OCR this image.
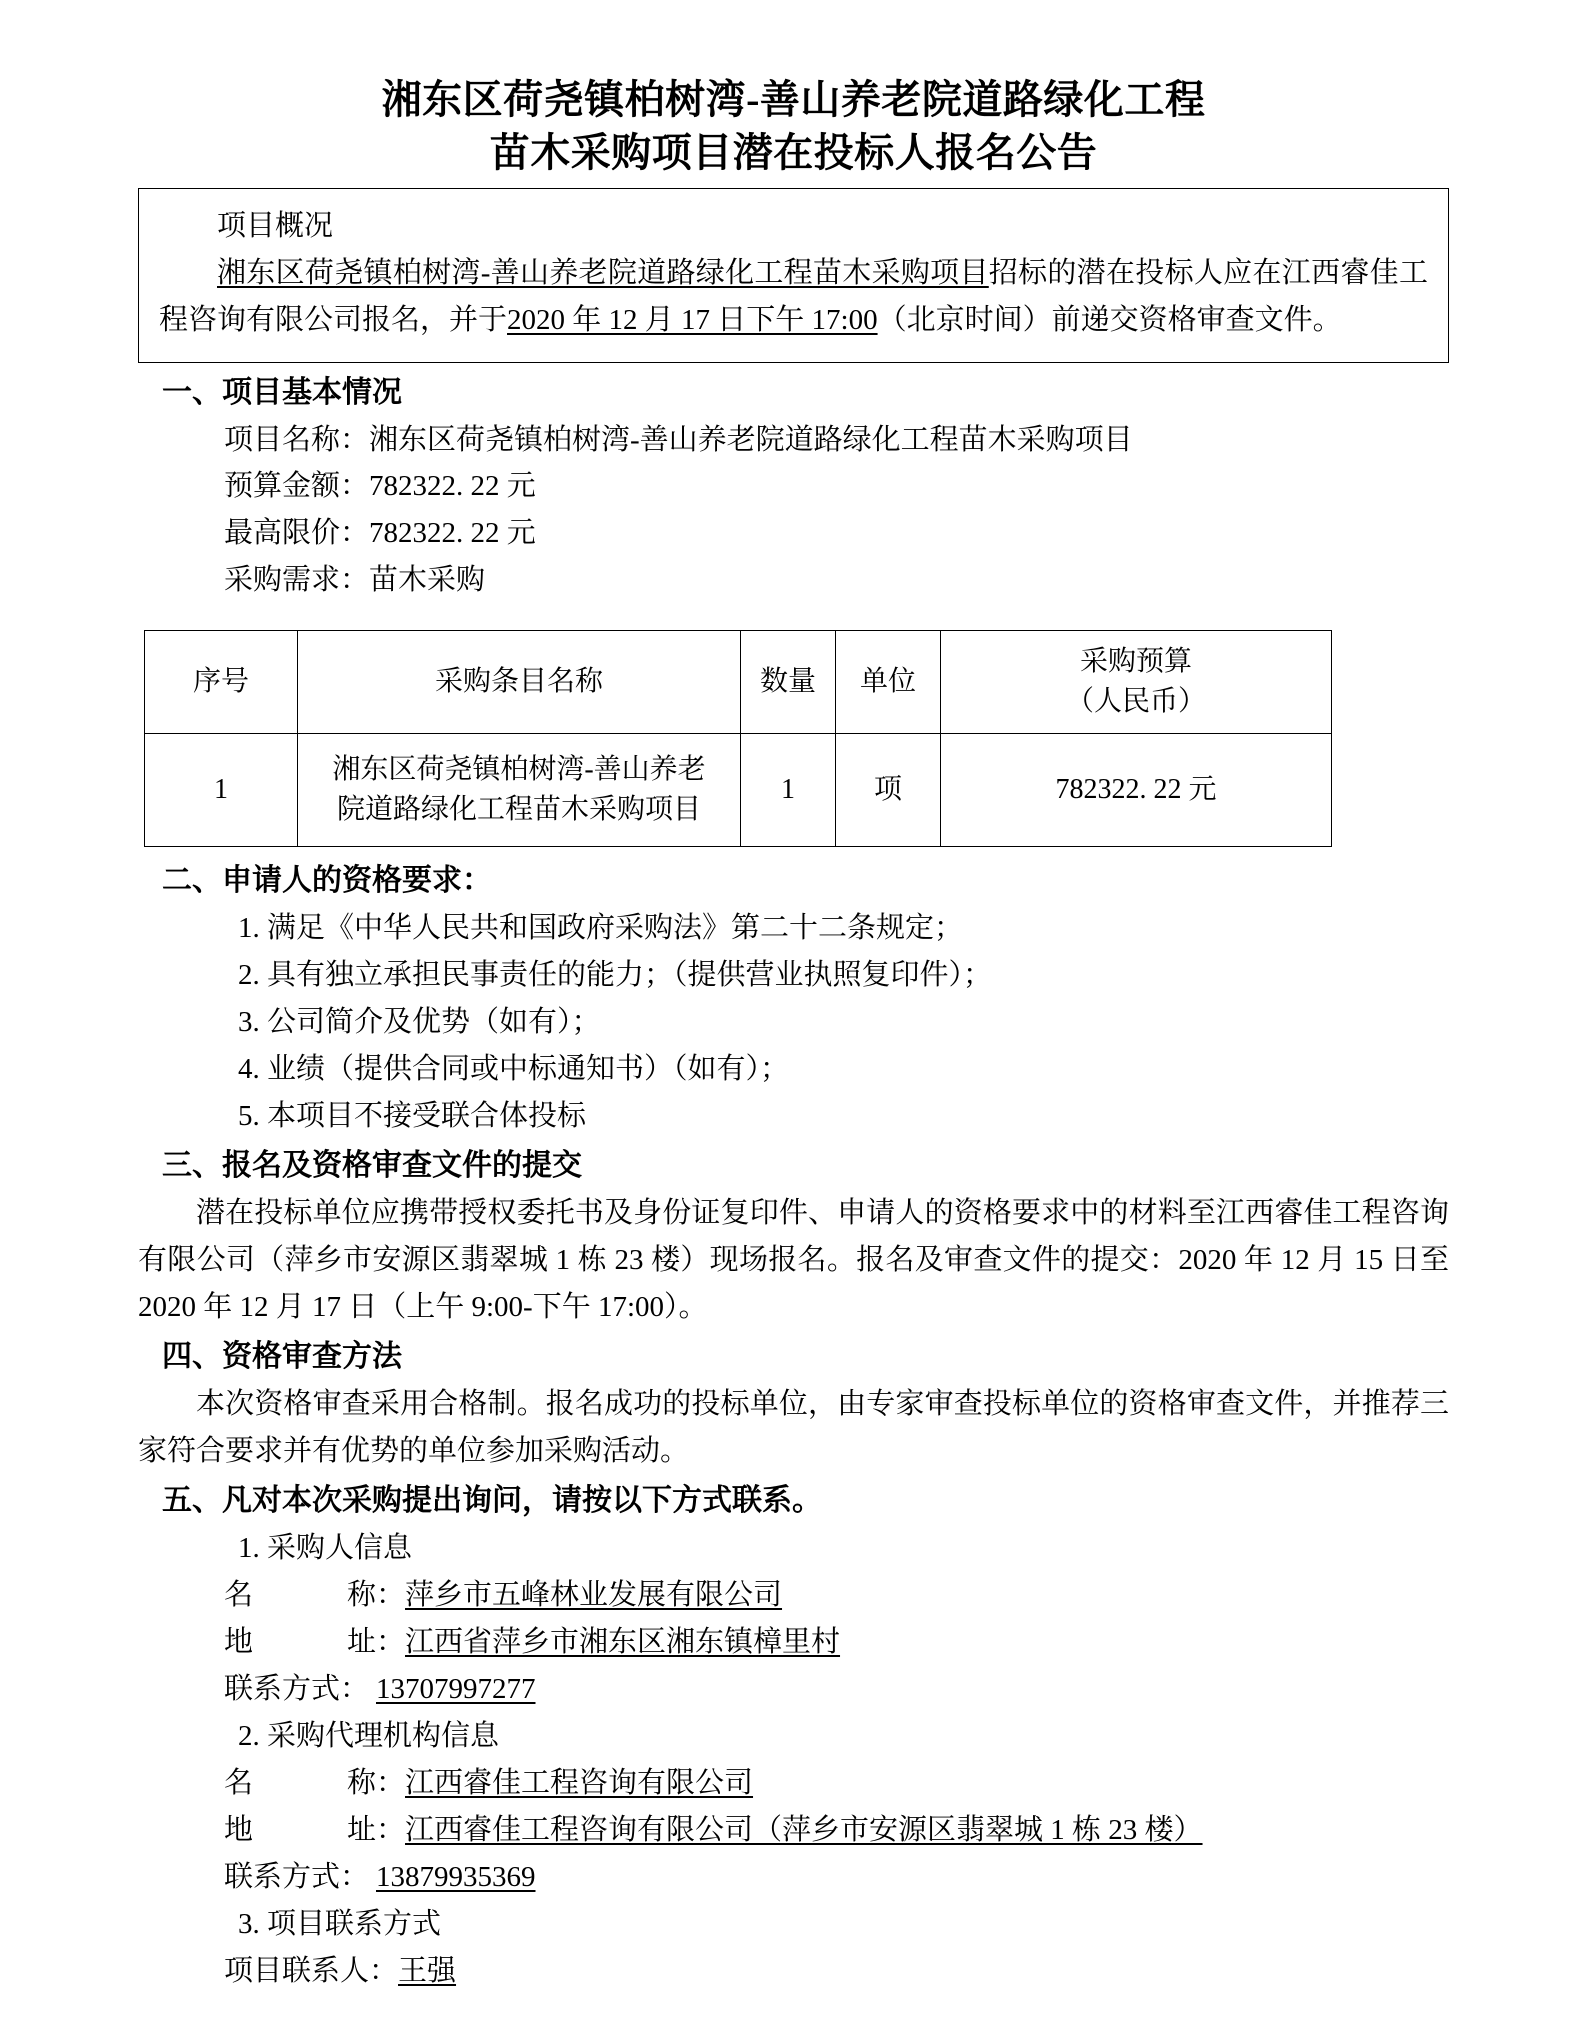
湘东区荷尧镇柏树湾-善山养老院道路绿化工程
苗木采购项目潜在投标人报名公告
项目概况
湘东区荷尧镇柏树湾-善山养老院道路绿化工程苗木采购项目招标的潜在投标人应在江西睿佳工程咨询有限公司报名，并于2020 年 12 月 17 日下午 17:00（北京时间）前递交资格审查文件。
一、项目基本情况
项目名称：湘东区荷尧镇柏树湾-善山养老院道路绿化工程苗木采购项目
预算金额：782322. 22 元
最高限价：782322. 22 元
采购需求：苗木采购
序号	采购条目名称	数量	单位	采购预算
（人民币）

1	湘东区荷尧镇柏树湾-善山养老
院道路绿化工程苗木采购项目	1	项	782322. 22 元
二、申请人的资格要求：
1. 满足《中华人民共和国政府采购法》第二十二条规定；
2. 具有独立承担民事责任的能力；（提供营业执照复印件）；
3. 公司简介及优势（如有）；
4. 业绩（提供合同或中标通知书）（如有）；
5. 本项目不接受联合体投标
三、报名及资格审查文件的提交
潜在投标单位应携带授权委托书及身份证复印件、申请人的资格要求中的材料至江西睿佳工程咨询有限公司（萍乡市安源区翡翠城 1 栋 23 楼）现场报名。报名及审查文件的提交：2020 年 12 月 15 日至 2020 年 12 月 17 日（上午 9:00-下午 17:00）。
四、资格审查方法
本次资格审查采用合格制。报名成功的投标单位，由专家审查投标单位的资格审查文件，并推荐三家符合要求并有优势的单位参加采购活动。
五、凡对本次采购提出询问，请按以下方式联系。
1. 采购人信息
名称：萍乡市五峰林业发展有限公司
地址：江西省萍乡市湘东区湘东镇樟里村
联系方式： 13707997277
2. 采购代理机构信息
名称：江西睿佳工程咨询有限公司
地址：江西睿佳工程咨询有限公司（萍乡市安源区翡翠城 1 栋 23 楼）
联系方式： 13879935369
3. 项目联系方式
项目联系人：王强
